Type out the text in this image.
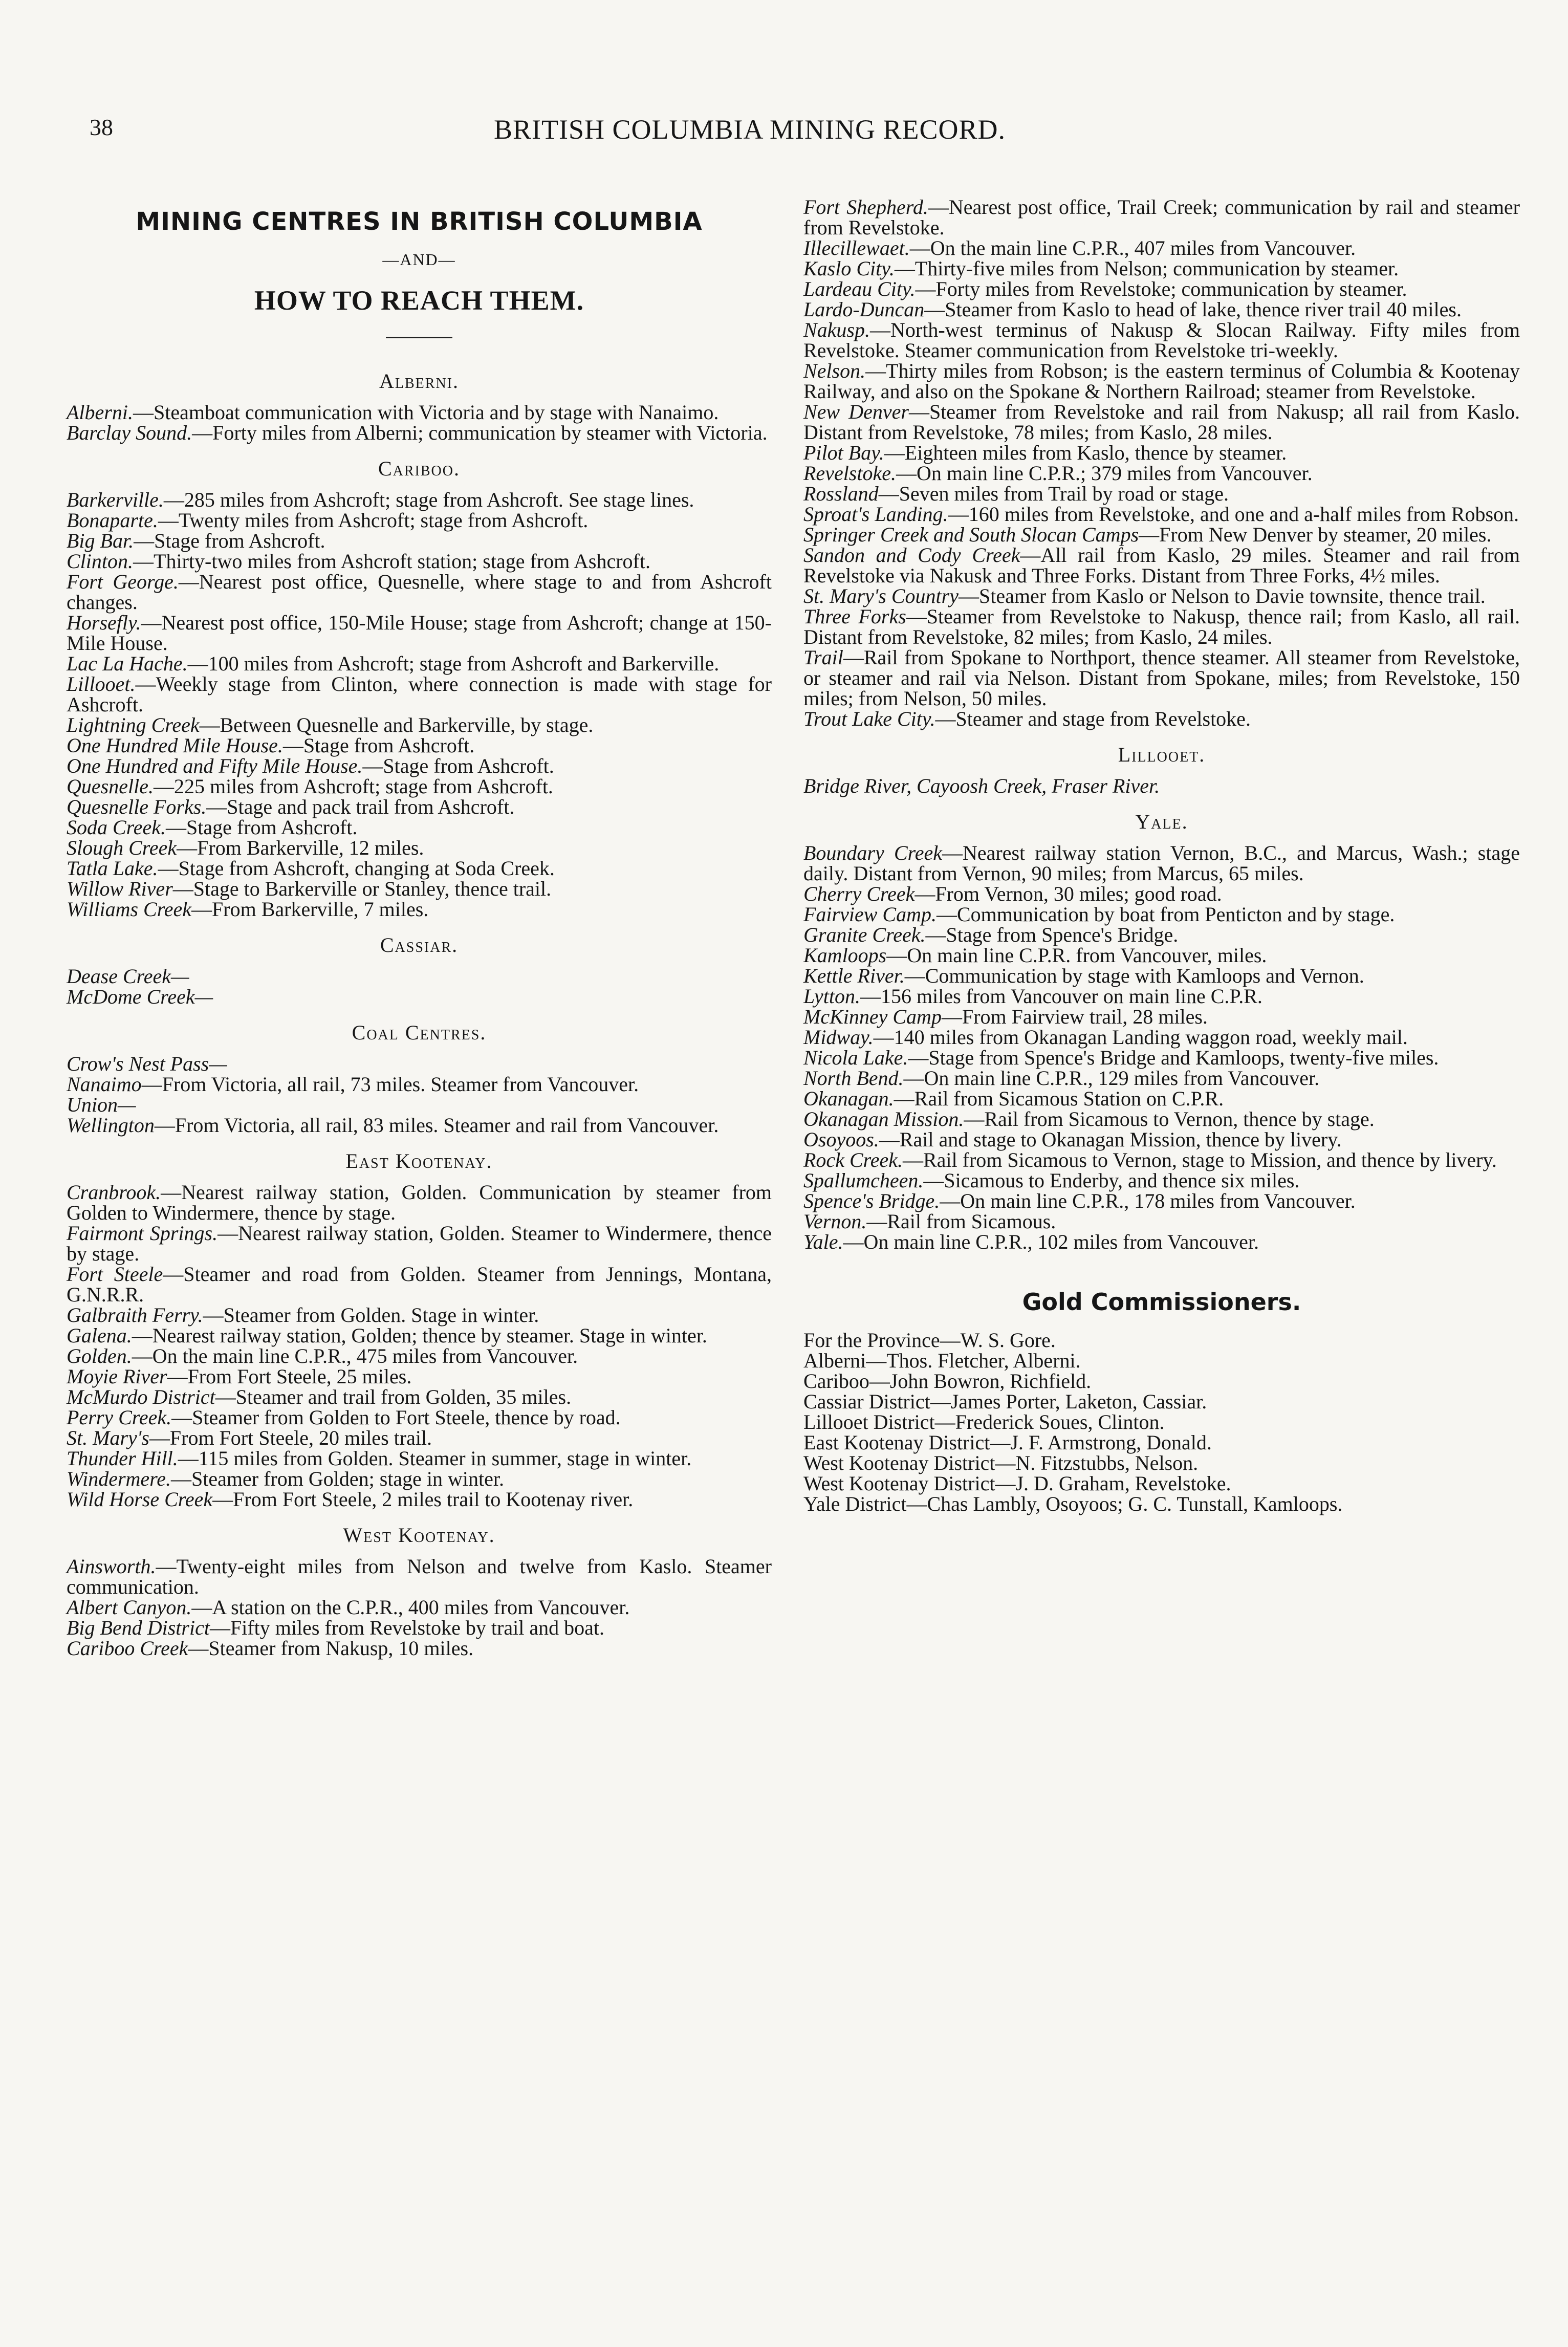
38	BRITISH COLUMBIA MINING RECORD.
MINING CENTRES IN BRITISH COLUMBIA
—AND—
HOW TO REACH THEM.
Alberni.
Alberni.—Steamboat communication with Victoria and by stage with Nanaimo.
Barclay Sound.—Forty miles from Alberni; communication by steamer with Victoria.
Cariboo.
Barkerville.—285 miles from Ashcroft; stage from Ashcroft. See stage lines.
Bonaparte.—Twenty miles from Ashcroft; stage from Ashcroft.
Big Bar.—Stage from Ashcroft.
Clinton.—Thirty-two miles from Ashcroft station; stage from Ashcroft.
Fort George.—Nearest post office, Quesnelle, where stage to and from Ashcroft changes.
Horsefly.—Nearest post office, 150-Mile House; stage from Ashcroft; change at 150-Mile House.
Lac La Hache.—100 miles from Ashcroft; stage from Ashcroft and Barkerville.
Lillooet.—Weekly stage from Clinton, where connection is made with stage for Ashcroft.
Lightning Creek—Between Quesnelle and Barkerville, by stage.
One Hundred Mile House.—Stage from Ashcroft.
One Hundred and Fifty Mile House.—Stage from Ashcroft.
Quesnelle.—225 miles from Ashcroft; stage from Ashcroft.
Quesnelle Forks.—Stage and pack trail from Ashcroft.
Soda Creek.—Stage from Ashcroft.
Slough Creek—From Barkerville, 12 miles.
Tatla Lake.—Stage from Ashcroft, changing at Soda Creek.
Willow River—Stage to Barkerville or Stanley, thence trail.
Williams Creek—From Barkerville, 7 miles.
Cassiar.
Dease Creek—
McDome Creek—
Coal Centres.
Crow's Nest Pass—
Nanaimo—From Victoria, all rail, 73 miles. Steamer from Vancouver.
Union—
Wellington—From Victoria, all rail, 83 miles. Steamer and rail from Vancouver.
East Kootenay.
Cranbrook.—Nearest railway station, Golden. Communication by steamer from Golden to Windermere, thence by stage.
Fairmont Springs.—Nearest railway station, Golden. Steamer to Windermere, thence by stage.
Fort Steele—Steamer and road from Golden. Steamer from Jennings, Montana, G.N.R.R.
Galbraith Ferry.—Steamer from Golden. Stage in winter.
Galena.—Nearest railway station, Golden; thence by steamer. Stage in winter.
Golden.—On the main line C.P.R., 475 miles from Vancouver.
Moyie River—From Fort Steele, 25 miles.
McMurdo District—Steamer and trail from Golden, 35 miles.
Perry Creek.—Steamer from Golden to Fort Steele, thence by road.
St. Mary's—From Fort Steele, 20 miles trail.
Thunder Hill.—115 miles from Golden. Steamer in summer, stage in winter.
Windermere.—Steamer from Golden; stage in winter.
Wild Horse Creek—From Fort Steele, 2 miles trail to Kootenay river.
West Kootenay.
Ainsworth.—Twenty-eight miles from Nelson and twelve from Kaslo. Steamer communication.
Albert Canyon.—A station on the C.P.R., 400 miles from Vancouver.
Big Bend District—Fifty miles from Revelstoke by trail and boat.
Cariboo Creek—Steamer from Nakusp, 10 miles.
Fort Shepherd.—Nearest post office, Trail Creek; communication by rail and steamer from Revelstoke.
Illecillewaet.—On the main line C.P.R., 407 miles from Vancouver.
Kaslo City.—Thirty-five miles from Nelson; communication by steamer.
Lardeau City.—Forty miles from Revelstoke; communication by steamer.
Lardo-Duncan—Steamer from Kaslo to head of lake, thence river trail 40 miles.
Nakusp.—North-west terminus of Nakusp & Slocan Railway. Fifty miles from Revelstoke. Steamer communication from Revelstoke tri-weekly.
Nelson.—Thirty miles from Robson; is the eastern terminus of Columbia & Kootenay Railway, and also on the Spokane & Northern Railroad; steamer from Revelstoke.
New Denver—Steamer from Revelstoke and rail from Nakusp; all rail from Kaslo. Distant from Revelstoke, 78 miles; from Kaslo, 28 miles.
Pilot Bay.—Eighteen miles from Kaslo, thence by steamer.
Revelstoke.—On main line C.P.R.; 379 miles from Vancouver.
Rossland—Seven miles from Trail by road or stage.
Sproat's Landing.—160 miles from Revelstoke, and one and a-half miles from Robson.
Springer Creek and South Slocan Camps—From New Denver by steamer, 20 miles.
Sandon and Cody Creek—All rail from Kaslo, 29 miles. Steamer and rail from Revelstoke via Nakusk and Three Forks. Distant from Three Forks, 4½ miles.
St. Mary's Country—Steamer from Kaslo or Nelson to Davie townsite, thence trail.
Three Forks—Steamer from Revelstoke to Nakusp, thence rail; from Kaslo, all rail. Distant from Revelstoke, 82 miles; from Kaslo, 24 miles.
Trail—Rail from Spokane to Northport, thence steamer. All steamer from Revelstoke, or steamer and rail via Nelson. Distant from Spokane, miles; from Revelstoke, 150 miles; from Nelson, 50 miles.
Trout Lake City.—Steamer and stage from Revelstoke.
Lillooet.
Bridge River, Cayoosh Creek, Fraser River.
Yale.
Boundary Creek—Nearest railway station Vernon, B.C., and Marcus, Wash.; stage daily. Distant from Vernon, 90 miles; from Marcus, 65 miles.
Cherry Creek—From Vernon, 30 miles; good road.
Fairview Camp.—Communication by boat from Penticton and by stage.
Granite Creek.—Stage from Spence's Bridge.
Kamloops—On main line C.P.R. from Vancouver, miles.
Kettle River.—Communication by stage with Kamloops and Vernon.
Lytton.—156 miles from Vancouver on main line C.P.R.
McKinney Camp—From Fairview trail, 28 miles.
Midway.—140 miles from Okanagan Landing waggon road, weekly mail.
Nicola Lake.—Stage from Spence's Bridge and Kamloops, twenty-five miles.
North Bend.—On main line C.P.R., 129 miles from Vancouver.
Okanagan.—Rail from Sicamous Station on C.P.R.
Okanagan Mission.—Rail from Sicamous to Vernon, thence by stage.
Osoyoos.—Rail and stage to Okanagan Mission, thence by livery.
Rock Creek.—Rail from Sicamous to Vernon, stage to Mission, and thence by livery.
Spallumcheen.—Sicamous to Enderby, and thence six miles.
Spence's Bridge.—On main line C.P.R., 178 miles from Vancouver.
Vernon.—Rail from Sicamous.
Yale.—On main line C.P.R., 102 miles from Vancouver.
Gold Commissioners.
For the Province—W. S. Gore.
Alberni—Thos. Fletcher, Alberni.
Cariboo—John Bowron, Richfield.
Cassiar District—James Porter, Laketon, Cassiar.
Lillooet District—Frederick Soues, Clinton.
East Kootenay District—J. F. Armstrong, Donald.
West Kootenay District—N. Fitzstubbs, Nelson.
West Kootenay District—J. D. Graham, Revelstoke.
Yale District—Chas Lambly, Osoyoos; G. C. Tunstall, Kamloops.
